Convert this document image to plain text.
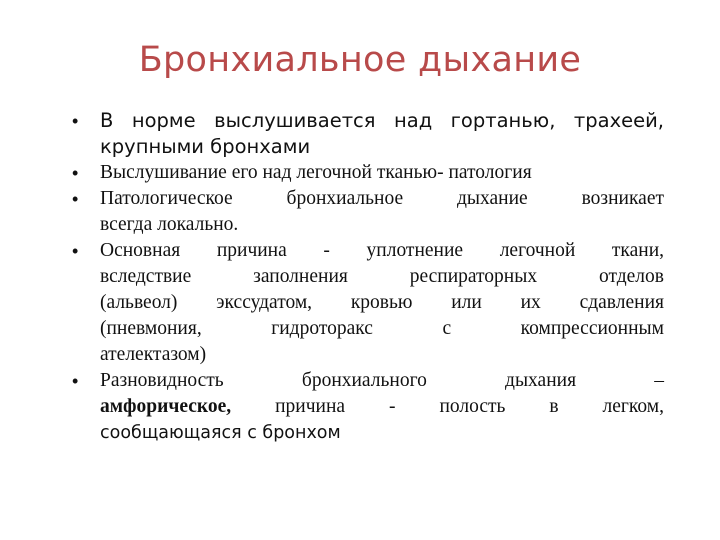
Бронхиальное дыхание
• В норме выслушивается над гортанью, трахеей,
крупными бронхами
• Выслушивание его над легочной тканью- патология
• Патологическое бронхиальное дыхание возникает
всегда локально.
• Основная причина - уплотнение легочной ткани,
вследствие заполнения респираторных отделов
(альвеол) экссудатом, кровью или их сдавления
(пневмония, гидроторакс с компрессионным
ателектазом)
• Разновидность бронхиального дыхания –
амфорическое, причина - полость в легком,
сообщающаяся с бронхом
